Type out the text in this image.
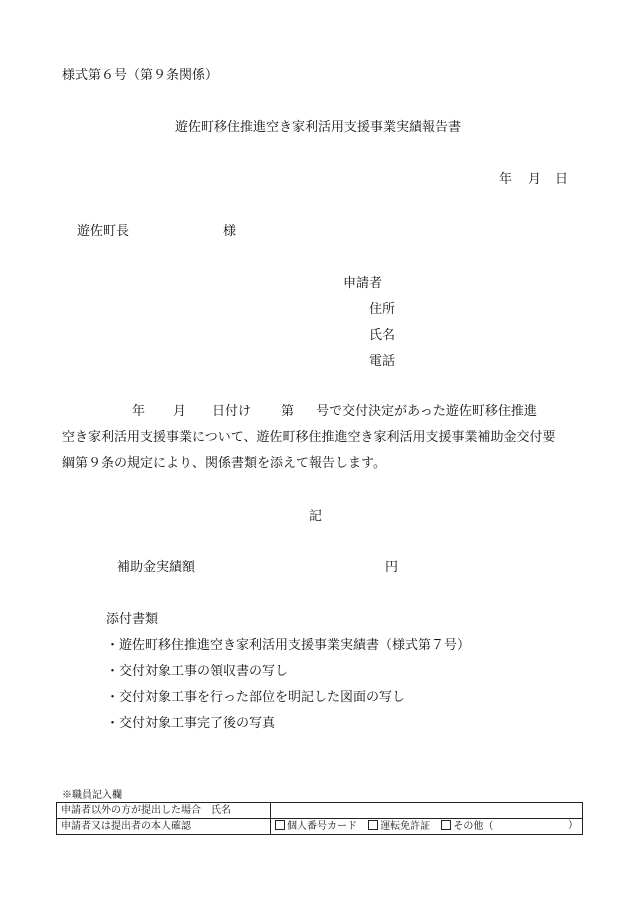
様式第６号（第９条関係）
遊佐町移住推進空き家利活用支援事業実績報告書
年 月 日
遊佐町長	様
申請者
住所
氏名
電話
年 月 日付け 第 号で交付決定があった遊佐町移住推進
空き家利活用支援事業について、遊佐町移住推進空き家利活用支援事業補助金交付要
綱第９条の規定により、関係書類を添えて報告します。
記
補助金実績額	円
添付書類
・遊佐町移住推進空き家利活用支援事業実績書（様式第７号）
・交付対象工事の領収書の写し
・交付対象工事を行った部位を明記した図面の写し
・交付対象工事完了後の写真
※職員記入欄
申請者以外の方が提出した場合　氏名	
申請者又は提出者の本人確認	個人番号カード 運転免許証 その他（ ）
